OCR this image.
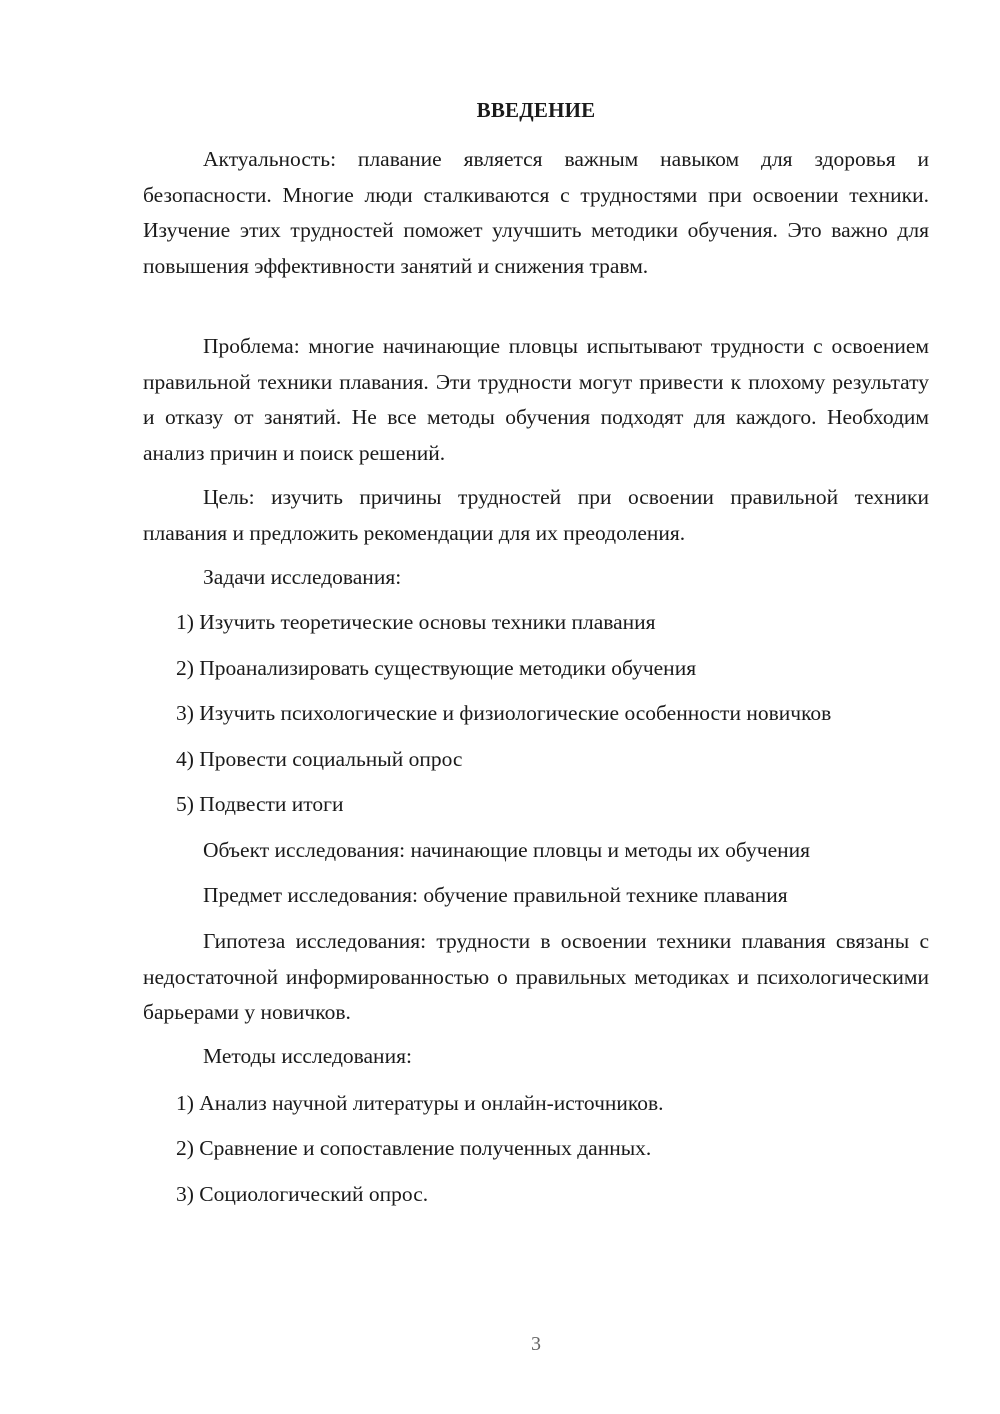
ВВЕДЕНИЕ

Актуальность: плавание является важным навыком для здоровья и безопасности. Многие люди сталкиваются с трудностями при освоении техники. Изучение этих трудностей поможет улучшить методики обучения. Это важно для повышения эффективности занятий и снижения травм.

Проблема: многие начинающие пловцы испытывают трудности с освоением правильной техники плавания. Эти трудности могут привести к плохому результату и отказу от занятий. Не все методы обучения подходят для каждого. Необходим анализ причин и поиск решений.

Цель: изучить причины трудностей при освоении правильной техники плавания и предложить рекомендации для их преодоления.

Задачи исследования:

1) Изучить теоретические основы техники плавания

2) Проанализировать существующие методики обучения

3) Изучить психологические и физиологические особенности новичков

4) Провести социальный опрос

5) Подвести итоги

Объект исследования: начинающие пловцы и методы их обучения

Предмет исследования: обучение правильной технике плавания

Гипотеза исследования: трудности в освоении техники плавания связаны с недостаточной информированностью о правильных методиках и психологическими барьерами у новичков.

Методы исследования:

1) Анализ научной литературы и онлайн-источников.

2) Сравнение и сопоставление полученных данных.

3) Социологический опрос.

3
